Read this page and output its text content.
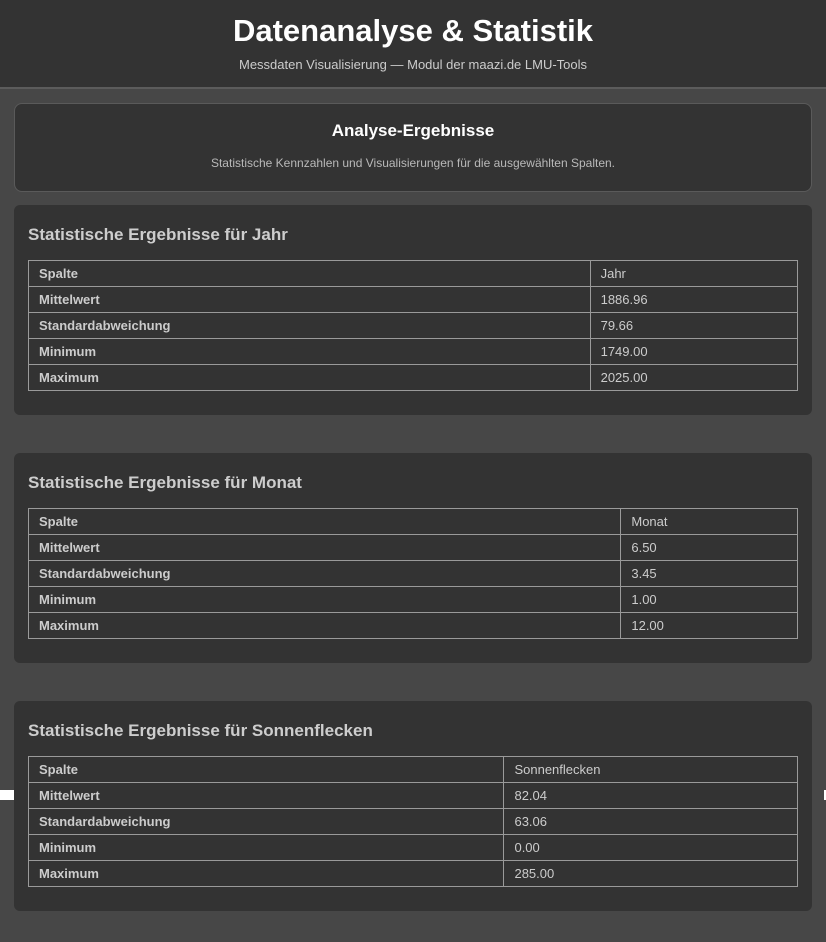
Datenanalyse & Statistik
Messdaten Visualisierung — Modul der maazi.de LMU-Tools
Analyse-Ergebnisse

Statistische Kennzahlen und Visualisierungen für die ausgewählten Spalten.

Statistische Ergebnisse für Jahr
Spalte	Jahr
Mittelwert	1886.96
Standardabweichung	79.66
Minimum	1749.00
Maximum	2025.00
Statistische Ergebnisse für Monat
Spalte	Monat
Mittelwert	6.50
Standardabweichung	3.45
Minimum	1.00
Maximum	12.00
Statistische Ergebnisse für Sonnenflecken
Spalte	Sonnenflecken
Mittelwert	82.04
Standardabweichung	63.06
Minimum	0.00
Maximum	285.00
